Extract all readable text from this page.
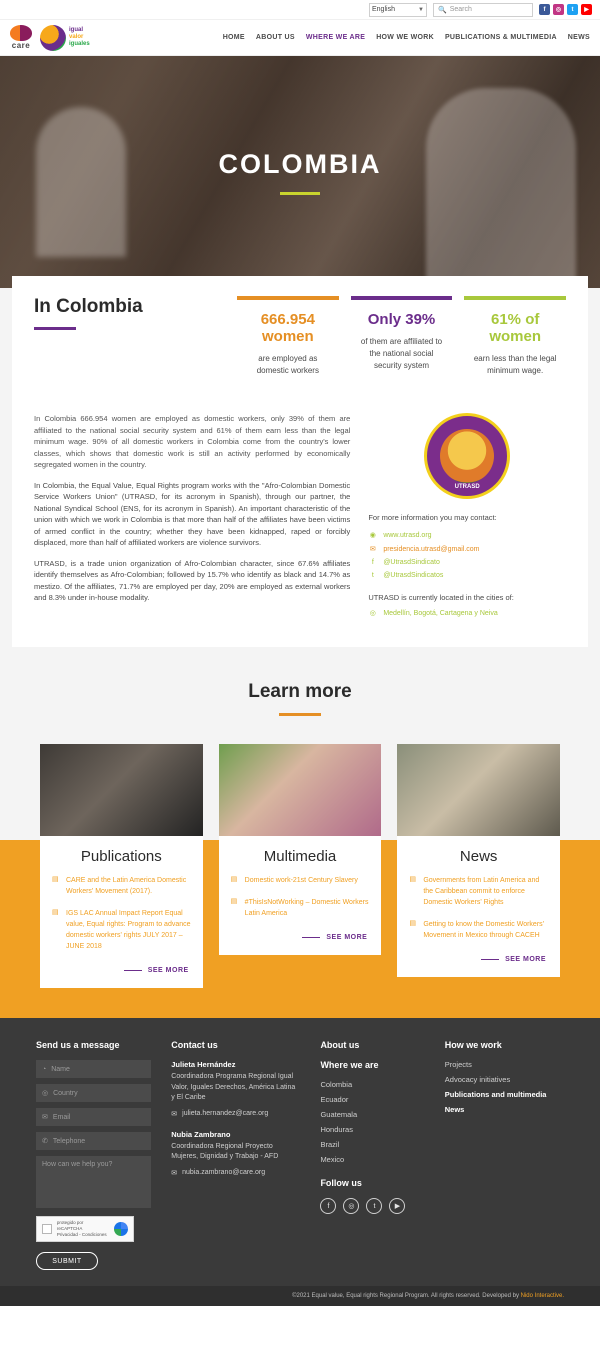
English	▼ 🔍 Search	f	◎	t	▶
care
igual
valor
iguales
HOME ABOUT US WHERE WE ARE HOW WE WORK PUBLICATIONS & MULTIMEDIA NEWS
COLOMBIA
In Colombia
666.954 women
are employed as domestic workers
Only 39%
of them are affiliated to the national social security system
61% of women
earn less than the legal minimum wage.

In Colombia 666.954 women are employed as domestic workers, only 39% of them are affiliated to the national social security system and 61% of them earn less than the legal minimum wage. 90% of all domestic workers in Colombia come from the country's lower classes, which shows that domestic work is still an activity performed by economically segregated women in the country.

In Colombia, the Equal Value, Equal Rights program works with the "Afro-Colombian Domestic Service Workers Union" (UTRASD, for its acronym in Spanish), through our partner, the National Syndical School (ENS, for its acronym in Spanish). An important characteristic of the union with which we work in Colombia is that more than half of the affiliates have been victims of armed conflict in the country; whether they have been kidnapped, raped or forcibly displaced, more than half of affiliated workers are violence survivors.

UTRASD, is a trade union organization of Afro-Colombian character, since 67.6% affiliates identify themselves as Afro-Colombian; followed by 15.7% who identify as black and 14.7% as mestizo. Of the affiliates, 71.7% are employed per day, 20% are employed as external workers and 8.3% under in-house modality.

UTRASD
For more information you may contact:
◉ www.utrasd.org
✉ presidencia.utrasd@gmail.com
f	@UtrasdSindicato
t	@UtrasdSindicatos
UTRASD is currently located in the cities of:
◎ Medellín, Bogotá, Cartagena y Neiva
Learn more
Publications
▤ CARE and the Latin America Domestic Workers' Movement (2017).
▤ IGS LAC Annual Impact Report Equal value, Equal rights: Program to advance domestic workers' rights JULY 2017 – JUNE 2018
SEE MORE
Multimedia
▤ Domestic work-21st Century Slavery
▤ #ThisIsNotWorking – Domestic Workers Latin America
SEE MORE
News
▤ Governments from Latin America and the Caribbean commit to enforce Domestic Workers' Rights
▤ Getting to know the Domestic Workers' Movement in Mexico through CACEH
SEE MORE
Send us a message
◔ Name
◎ Country
✉ Email
✆ Telephone
How can we help you?
protegido por reCAPTCHA
Privacidad - Condiciones
SUBMIT
Contact us
Julieta Hernández
Coordinadora Programa Regional Igual Valor, Iguales Derechos, América Latina y El Caribe
✉ julieta.hernandez@care.org
Nubia Zambrano
Coordinadora Regional Proyecto Mujeres, Dignidad y Trabajo - AFD
✉ nubia.zambrano@care.org
About us
Where we are
Colombia
Ecuador
Guatemala
Honduras
Brazil
Mexico
Follow us
f	◎	t	▶
How we work
Projects
Advocacy initiatives
Publications and multimedia
News
©2021 Equal value, Equal rights Regional Program. All rights reserved. Developed by Nido Interactive.
